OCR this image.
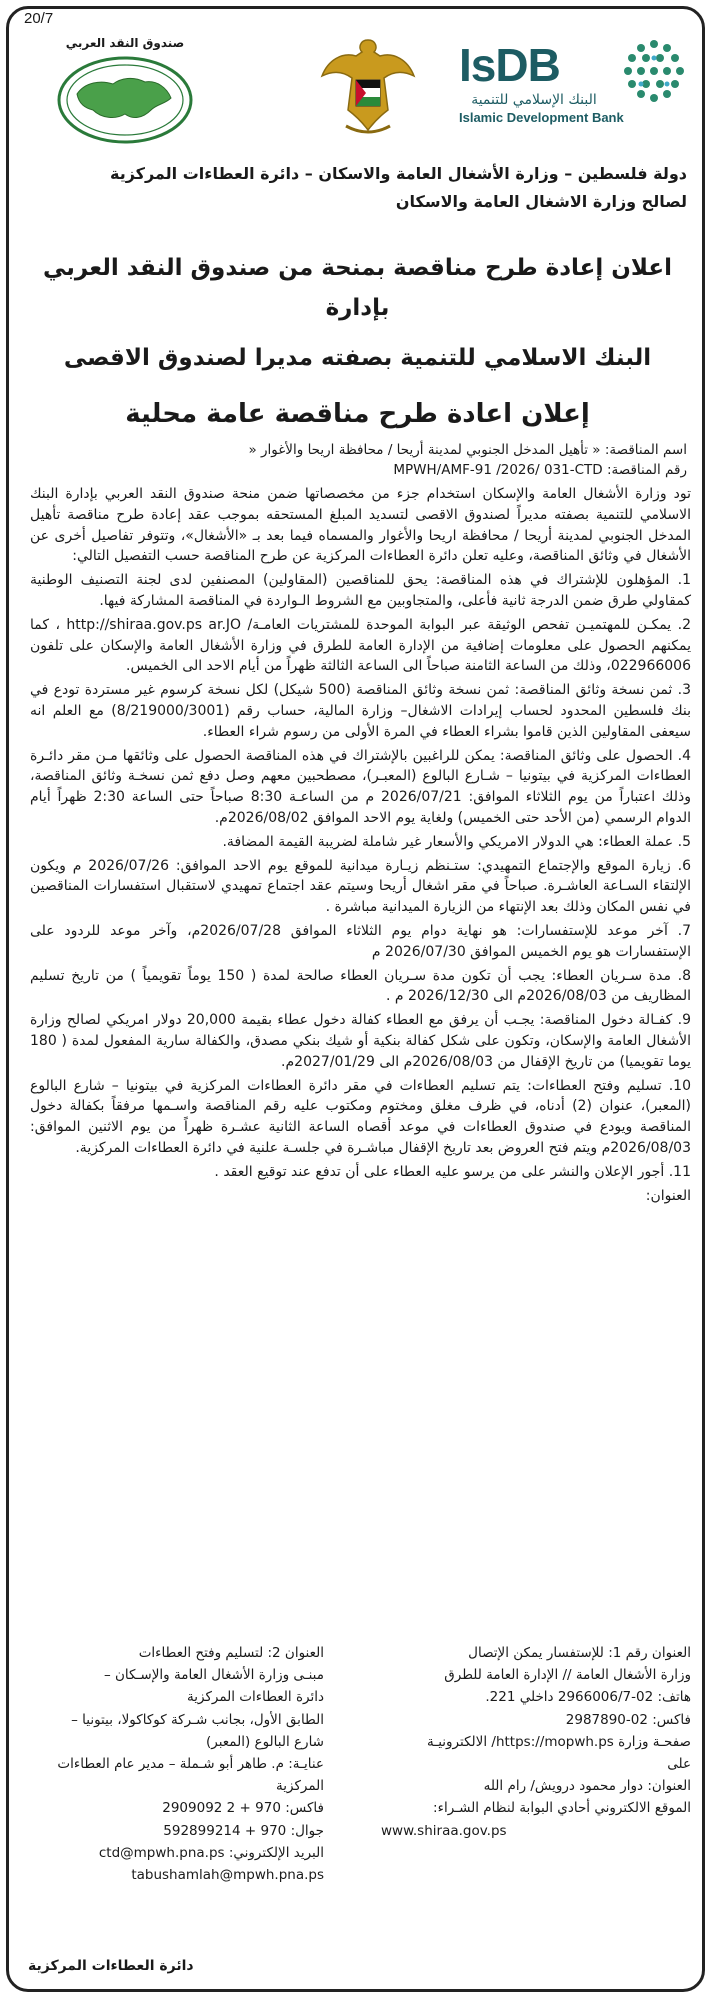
20/7
IsDB
البنك الإسلامي للتنمية
Islamic Development Bank
صندوق النقد العربي
دولة فلسطين – وزارة الأشغال العامة والاسكان – دائرة العطاءات المركزية
لصالح وزارة الاشغال العامة والاسكان
اعلان إعادة طرح مناقصة بمنحة من صندوق النقد العربي بإدارة
البنك الاسلامي للتنمية بصفته مديرا لصندوق الاقصى
إعلان اعادة طرح مناقصة عامة محلية
اسم المناقصة: « تأهيل المدخل الجنوبي لمدينة أريحا / محافظة اريحا والأغوار «
رقم المناقصة: MPWH/AMF-91 /2026/ 031-CTD

تود وزارة الأشغال العامة والإسكان استخدام جزء من مخصصاتها ضمن منحة صندوق النقد العربي بإدارة البنك الاسلامي للتنمية بصفته مديراً لصندوق الاقصى لتسديد المبلغ المستحقه بموجب عقد إعادة طرح مناقصة تأهيل المدخل الجنوبي لمدينة أريحا / محافظة اريحا والأغوار والمسماه فيما بعد بـ «الأشغال»، وتتوفر تفاصيل أخرى عن الأشغال في وثائق المناقصة، وعليه تعلن دائرة العطاءات المركزية عن طرح المناقصة حسب التفصيل التالي:

1. المؤهلون للإشتراك في هذه المناقصة: يحق للمناقصين (المقاولين) المصنفين لدى لجنة التصنيف الوطنية كمقاولي طرق ضمن الدرجة ثانية فأعلى، والمتجاوبين مع الشروط الـواردة في المناقصة المشاركة فيها.

2. يمكـن للمهتميـن تفحص الوثيقة عبر البوابة الموحدة للمشتريات العامـة/ http://shiraa.gov.ps ar.JO ، كما يمكنهم الحصول على معلومات إضافية من الإدارة العامة للطرق في وزارة الأشغال العامة والإسكان على تلفون 022966006، وذلك من الساعة الثامنة صباحاً الى الساعة الثالثة ظهراً من أيام الاحد الى الخميس.

3. ثمن نسخة وثائق المناقصة: ثمن نسخة وثائق المناقصة (500 شيكل) لكل نسخة كرسوم غير مستردة تودع في بنك فلسطين المحدود لحساب إيرادات الاشغال– وزارة المالية، حساب رقم (8/219000/3001) مع العلم انه سيعفى المقاولين الذين قاموا بشراء العطاء في المرة الأولى من رسوم شراء العطاء.

4. الحصول على وثائق المناقصة: يمكن للراغبين بالإشتراك في هذه المناقصة الحصول على وثائقها مـن مقر دائـرة العطاءات المركزية في بيتونيا – شـارع البالوع (المعبـر)، مصطحبين معهم وصل دفع ثمن نسخـة وثائق المناقصة، وذلك اعتباراً من يوم الثلاثاء الموافق: 2026/07/21 م من الساعـة 8:30 صباحاً حتى الساعة 2:30 ظهراً أيام الدوام الرسمي (من الأحد حتى الخميس) ولغاية يوم الاحد الموافق 2026/08/02م.

5. عملة العطاء: هي الدولار الامريكي والأسعار غير شاملة لضريبة القيمة المضافة.

6. زيارة الموقع والإجتماع التمهيدي: ستـنظم زيـارة ميدانية للموقع يوم الاحد الموافق: 2026/07/26 م ويكون الإلتقاء السـاعة العاشـرة. صباحاً في مقر اشغال أريحا وسيتم عقد اجتماع تمهيدي لاستقبال استفسارات المناقصين في نفس المكان وذلك بعد الإنتهاء من الزيارة الميدانية مباشرة .

7. آخر موعد للإستفسارات: هو نهاية دوام يوم الثلاثاء الموافق 2026/07/28م، وآخر موعد للردود على الإستفسارات هو يوم الخميس الموافق 2026/07/30 م

8. مدة سـريان العطاء: يجب أن تكون مدة سـريان العطاء صالحة لمدة ( 150 يوماً تقويمياً ) من تاريخ تسليم المظاريف من 2026/08/03م الى 2026/12/30 م .

9. كفـالة دخول المناقصة: يجـب أن يرفق مع العطاء كفالة دخول عطاء بقيمة 20,000 دولار امريكي لصالح وزارة الأشغال العامة والإسكان، وتكون على شكل كفالة بنكية أو شيك بنكي مصدق، والكفالة سارية المفعول لمدة ( 180 يوما تقويميا) من تاريخ الإقفال من 2026/08/03م الى 2027/01/29م.

10. تسليم وفتح العطاءات: يتم تسليم العطاءات في مقر دائرة العطاءات المركزية في بيتونيا – شارع البالوع (المعبر)، عنوان (2) أدناه، في ظرف مغلق ومختوم ومكتوب عليه رقم المناقصة واسـمها مرفقاً بكفالة دخول المناقصة ويودع في صندوق العطاءات في موعد أقصاه الساعة الثانية عشـرة ظهراً من يوم الاثنين الموافق: 2026/08/03م ويتم فتح العروض بعد تاريخ الإقفال مباشـرة في جلسـة علنية في دائرة العطاءات المركزية.

11. أجور الإعلان والنشر على من يرسو عليه العطاء على أن تدفع عند توقيع العقد .

العنوان:

العنوان رقم 1: للإستفسار يمكن الإتصال
وزارة الأشغال العامة // الإدارة العامة للطرق
هاتف: 02-2966006/7 داخلي 221.
فاكس: 02-2987890
صفحـة وزارة https://mopwh.ps/ الالكترونيـة
على
العنوان: دوار محمود درويش/ رام الله
الموقع الالكتروني أحادي البوابة لنظام الشـراء:
www.shiraa.gov.ps
العنوان 2: لتسليم وفتح العطاءات
مبنـى وزارة الأشغال العامة والإسـكان –
دائرة العطاءات المركزية
الطابق الأول، بجانب شـركة كوكاكولا، بيتونيا –
شارع البالوع (المعبر)
عنايـة: م. طاهر أبو شـملة – مدير عام العطاءات
المركزية
فاكس: 970 + 2 2909092
جوال: 970 + 592899214
البريد الإلكتروني: ctd@mpwh.pna.ps
tabushamlah@mpwh.pna.ps
دائرة العطاءات المركزية
